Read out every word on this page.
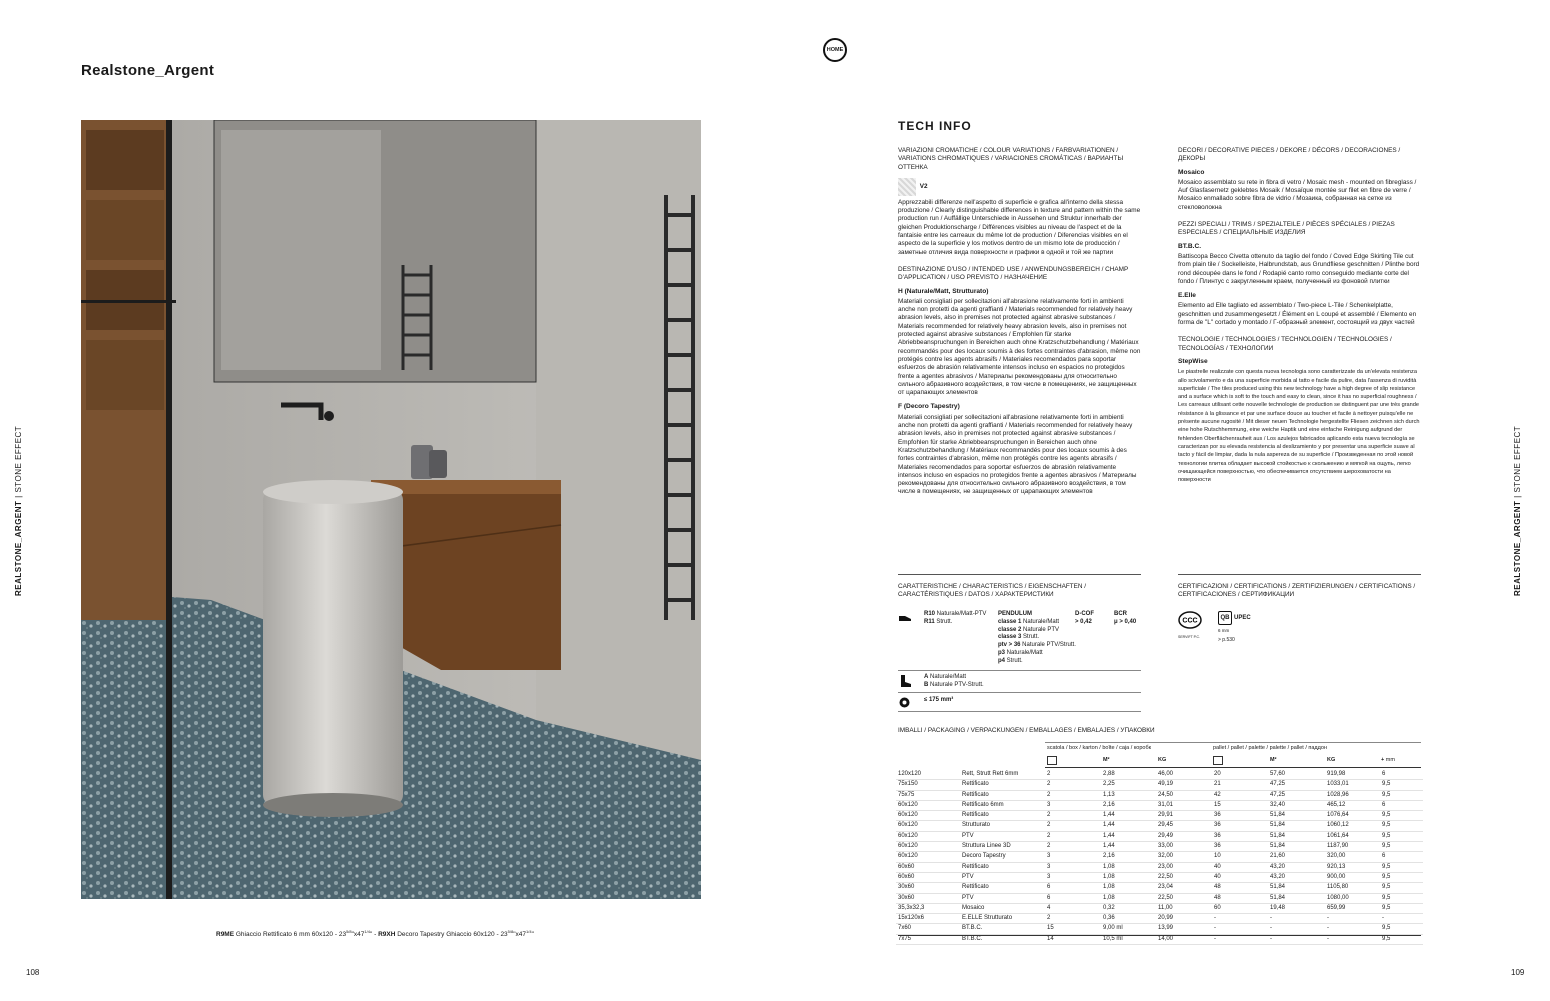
Realstone_Argent
HOME
REALSTONE_ARGENT | STONE EFFECT
R9ME Ghiaccio Rettificato 6 mm $60x120 - 23^{5/8}"x47^{1/4}$" - R9XH Decoro Tapestry Ghiaccio $60x120 - 23^{5/8}"x47^{1/4}$"
108
TECH INFO

VARIAZIONI CROMATICHE / COLOUR VARIATIONS / FARBVARIATIONEN / VARIATIONS CHROMATIQUES / VARIACIONES CROMÁTICAS / ВАРИАНТЫ ОТТЕНКА

V2

Apprezzabili differenze nell'aspetto di superficie e grafica all'interno della stessa produzione / Clearly distinguishable differences in texture and pattern within the same production run / Auffällige Unterschiede in Aussehen und Struktur innerhalb der gleichen Produktionscharge / Différences visibles au niveau de l'aspect et de la fantaisie entre les carreaux du même lot de production / Diferencias visibles en el aspecto de la superficie y los motivos dentro de un mismo lote de producción / заметные отличия вида поверхности и графики в одной и той же партии

DESTINAZIONE D'USO / INTENDED USE / ANWENDUNGSBEREICH / CHAMP D'APPLICATION / USO PREVISTO / НАЗНАЧЕНИЕ

H (Naturale/Matt, Strutturato)

Materiali consigliati per sollecitazioni all'abrasione relativamente forti in ambienti anche non protetti da agenti graffianti / Materials recommended for relatively heavy abrasion levels, also in premises not protected against abrasive substances / Materials recommended for relatively heavy abrasion levels, also in premises not protected against abrasive substances / Empfohlen für starke Abriebbeanspruchungen in Bereichen auch ohne Kratzschutzbehandlung / Matériaux recommandés pour des locaux soumis à des fortes contraintes d'abrasion, même non protégés contre les agents abrasifs / Materiales recomendados para soportar esfuerzos de abrasión relativamente intensos incluso en espacios no protegidos frente a agentes abrasivos / Материалы рекомендованы для относительно сильного абразивного воздействия, в том числе в помещениях, не защищенных от царапающих элементов

F (Decoro Tapestry)

Materiali consigliati per sollecitazioni all'abrasione relativamente forti in ambienti anche non protetti da agenti graffianti / Materials recommended for relatively heavy abrasion levels, also in premises not protected against abrasive substances / Empfohlen für starke Abriebbeanspruchungen in Bereichen auch ohne Kratzschutzbehandlung / Matériaux recommandés pour des locaux soumis à des fortes contraintes d'abrasion, même non protégés contre les agents abrasifs / Materiales recomendados para soportar esfuerzos de abrasión relativamente intensos incluso en espacios no protegidos frente a agentes abrasivos / Материалы рекомендованы для относительно сильного абразивного воздействия, в том числе в помещениях, не защищенных от царапающих элементов

DECORI / DECORATIVE PIECES / DEKORE / DÉCORS / DECORACIONES / ДЕКОРЫ

Mosaico

Mosaico assemblato su rete in fibra di vetro / Mosaic mesh - mounted on fibreglass / Auf Glasfasernetz geklebtes Mosaik / Mosaïque montée sur filet en fibre de verre / Mosaico enmallado sobre fibra de vidrio / Мозаика, собранная на сетке из стекловолокна

PEZZI SPECIALI / TRIMS / SPEZIALTEILE / PIÈCES SPÉCIALES / PIEZAS ESPECIALES / СПЕЦИАЛЬНЫЕ ИЗДЕЛИЯ

BT.B.C.

Battiscopa Becco Civetta ottenuto da taglio del fondo / Coved Edge Skirting Tile cut from plain tile / Sockelleiste, Halbrundstab, aus Grundfliese geschnitten / Plinthe bord rond découpée dans le fond / Rodapié canto romo conseguido mediante corte del fondo / Плинтус с закругленным краем, полученный из фоновой плитки

E.Elle

Elemento ad Elle tagliato ed assemblato / Two-piece L-Tile / Schenkelplatte, geschnitten und zusammengesetzt / Élément en L coupé et assemblé / Elemento en forma de "L" cortado y montado / Г-образный элемент, состоящий из двух частей

TECNOLOGIE / TECHNOLOGIES / TECHNOLOGIEN / TECHNOLOGIES / TECNOLOGÍAS / ТЕХНОЛОГИИ

StepWise

Le piastrelle realizzate con questa nuova tecnologia sono caratterizzate da un'elevata resistenza allo scivolamento e da una superficie morbida al tatto e facile da pulire, data l'assenza di ruvidità superficiale / The tiles produced using this new technology have a high degree of slip resistance and a surface which is soft to the touch and easy to clean, since it has no superficial roughness / Les carreaux utilisant cette nouvelle technologie de production se distinguent par une très grande résistance à la glissance et par une surface douce au toucher et facile à nettoyer puisqu'elle ne présente aucune rugosité / Mit dieser neuen Technologie hergestellte Fliesen zeichnen sich durch eine hohe Rutschhemmung, eine weiche Haptik und eine einfache Reinigung aufgrund der fehlenden Oberflächenrauheit aus / Los azulejos fabricados aplicando esta nueva tecnología se caracterizan por su elevada resistencia al deslizamiento y por presentar una superficie suave al tacto y fácil de limpiar, dada la nula aspereza de su superficie / Произведенная по этой новой технологии плитка обладает высокой стойкостью к скольжению и мягкой на ощупь, легко очищающейся поверхностью, что обеспечивается отсутствием шероховатости на поверхности

CARATTERISTICHE / CHARACTERISTICS / EIGENSCHAFTEN / CARACTÉRISTIQUES / DATOS / ХАРАКТЕРИСТИКИ
R10 Naturale/Matt-PTV
R11 Strutt.
PENDULUM
classe 1 Naturale/Matt
classe 2 Naturale PTV
classe 3 Strutt.
ptv > 36 Naturale PTV/Strutt.
p3 Naturale/Matt
p4 Strutt.
D-COF
> 0,42
BCR
μ > 0,40
A Naturale/Matt
B Naturale PTV-Strutt.
≤ 175 mm³
CERTIFICAZIONI / CERTIFICATIONS / ZERTIFIZIERUNGEN / CERTIFICATIONS / CERTIFICACIONES / СЕРТИФИКАЦИИ
CCC
SERVIFT P.C.
QB UPEC
6 mm
> p.530
IMBALLI / PACKAGING / VERPACKUNGEN / EMBALLAGES / EMBALAJES / УПАКОВКИ
scatola / box / karton / boîte / caja / коробк	pallet / pallet / palette / palette / pallet / паддон
M²	KG	M²	KG	+ mm
120x120	Rett, Strutt Rett 6mm	2	2,88	46,00	20	57,60	919,98	6
75x150	Rettificato	2	2,25	49,19	21	47,25	1033,01	9,5
75x75	Rettificato	2	1,13	24,50	42	47,25	1028,96	9,5
60x120	Rettificato 6mm	3	2,16	31,01	15	32,40	465,12	6
60x120	Rettificato	2	1,44	29,91	36	51,84	1076,64	9,5
60x120	Strutturato	2	1,44	29,45	36	51,84	1060,12	9,5
60x120	PTV	2	1,44	29,49	36	51,84	1061,64	9,5
60x120	Struttura Linee 3D	2	1,44	33,00	36	51,84	1187,90	9,5
60x120	Decoro Tapestry	3	2,16	32,00	10	21,60	320,00	6
60x60	Rettificato	3	1,08	23,00	40	43,20	920,13	9,5
60x60	PTV	3	1,08	22,50	40	43,20	900,00	9,5
30x60	Rettificato	6	1,08	23,04	48	51,84	1105,80	9,5
30x60	PTV	6	1,08	22,50	48	51,84	1080,00	9,5
35,3x32,3	Mosaico	4	0,32	11,00	60	19,48	659,99	9,5
15x120x6	E.ELLE Strutturato	2	0,36	20,99	-	-	-	-
7x60	BT.B.C.	15	9,00 ml	13,99	-	-	-	9,5
7x75	BT.B.C.	14	10,5 ml	14,00	-	-	-	9,5
REALSTONE_ARGENT | STONE EFFECT
109
